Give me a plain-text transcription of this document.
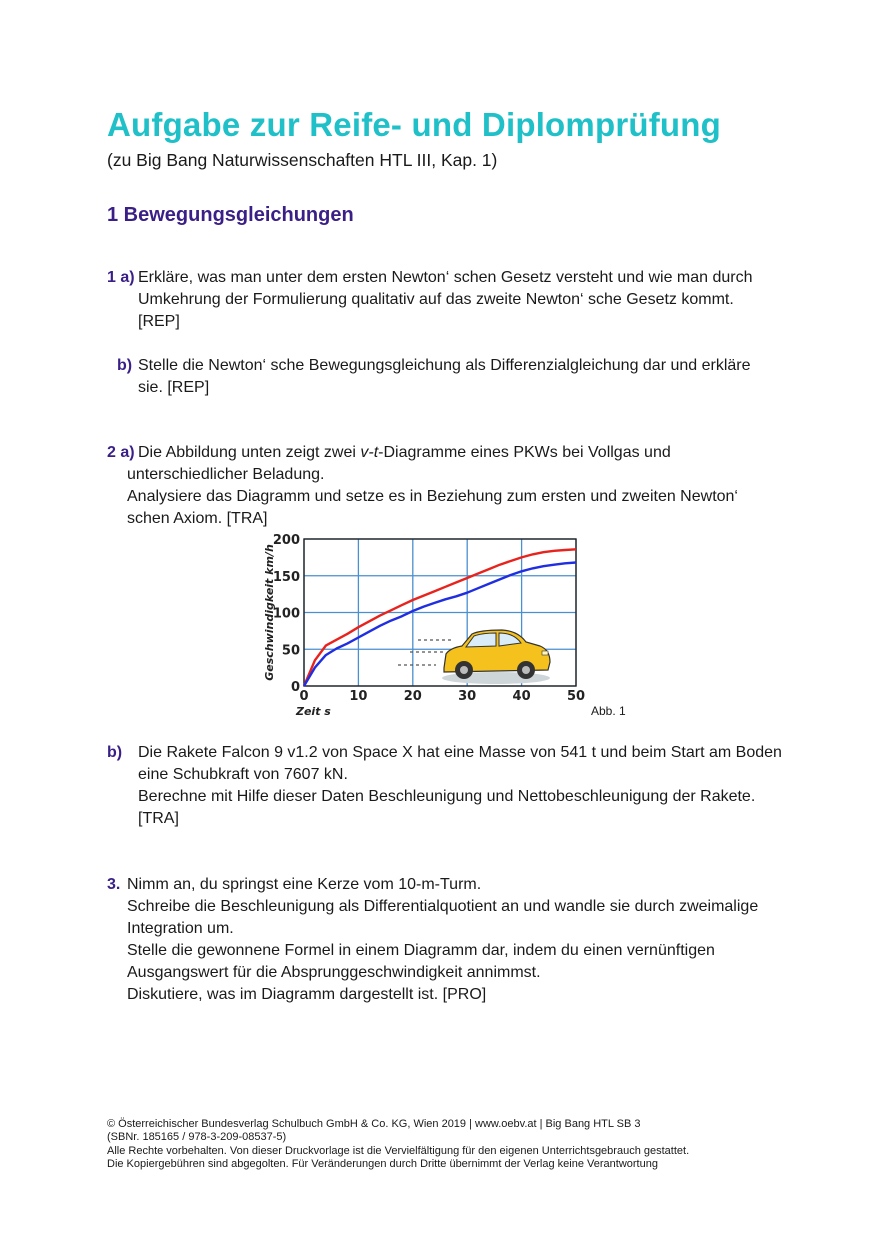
Aufgabe zur Reife- und Diplomprüfung
(zu Big Bang Naturwissenschaften HTL III, Kap. 1)
1 Bewegungsgleichungen
1 a) Erkläre, was man unter dem ersten Newton‘ schen Gesetz versteht und wie man durch
Umkehrung der Formulierung qualitativ auf das zweite Newton‘ sche Gesetz kommt.
[REP]
b) Stelle die Newton‘ sche Bewegungsgleichung als Differenzialgleichung dar und erkläre
sie. [REP]
2 a) Die Abbildung unten zeigt zwei v-t-Diagramme eines PKWs bei Vollgas und
unterschiedlicher Beladung.
Analysiere das Diagramm und setze es in Beziehung zum ersten und zweiten Newton‘
schen Axiom. [TRA]
0	10	20	30	40	50
0
50
100
150
200
Zeit s
Geschwindigkeit km/h
Abb. 1
b) Die Rakete Falcon 9 v1.2 von Space X hat eine Masse von 541 t und beim Start am Boden
eine Schubkraft von 7607 kN.
Berechne mit Hilfe dieser Daten Beschleunigung und Nettobeschleunigung der Rakete.
[TRA]
3. Nimm an, du springst eine Kerze vom 10-m-Turm.
Schreibe die Beschleunigung als Differentialquotient an und wandle sie durch zweimalige
Integration um.
Stelle die gewonnene Formel in einem Diagramm dar, indem du einen vernünftigen
Ausgangswert für die Absprunggeschwindigkeit annimmst.
Diskutiere, was im Diagramm dargestellt ist. [PRO]
© Österreichischer Bundesverlag Schulbuch GmbH & Co. KG, Wien 2019 | www.oebv.at | Big Bang HTL SB 3
(SBNr. 185165 / 978-3-209-08537-5)
Alle Rechte vorbehalten. Von dieser Druckvorlage ist die Vervielfältigung für den eigenen Unterrichtsgebrauch gestattet.
Die Kopiergebühren sind abgegolten. Für Veränderungen durch Dritte übernimmt der Verlag keine Verantwortung
